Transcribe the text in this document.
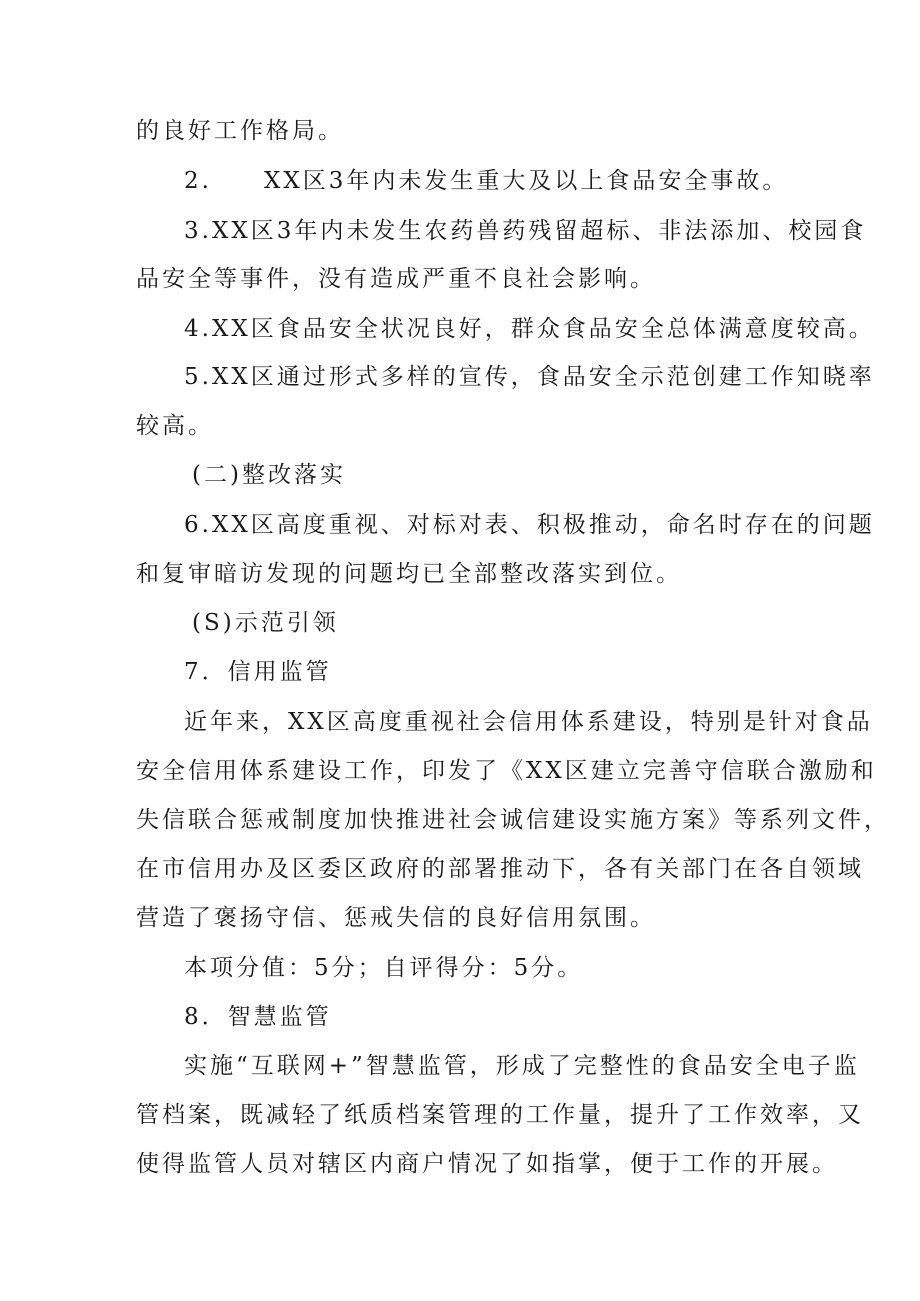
的良好工作格局。
2. XX区3年内未发生重大及以上食品安全事故。
3.XX区3年内未发生农药兽药残留超标、非法添加、校园食
品安全等事件，没有造成严重不良社会影响。
4.XX区食品安全状况良好，群众食品安全总体满意度较高。
5.XX区通过形式多样的宣传，食品安全示范创建工作知晓率
较高。
(二)整改落实
6.XX区高度重视、对标对表、积极推动，命名时存在的问题
和复审暗访发现的问题均已全部整改落实到位。
(S)示范引领
7．信用监管
近年来，XX区高度重视社会信用体系建设，特别是针对食品
安全信用体系建设工作，印发了《XX区建立完善守信联合激励和
失信联合惩戒制度加快推进社会诚信建设实施方案》等系列文件，
在市信用办及区委区政府的部署推动下，各有关部门在各自领域
营造了褒扬守信、惩戒失信的良好信用氛围。
本项分值：5分；自评得分：5分。
8．智慧监管
实施“互联网+”智慧监管，形成了完整性的食品安全电子监
管档案，既减轻了纸质档案管理的工作量，提升了工作效率，又
使得监管人员对辖区内商户情况了如指掌，便于工作的开展。
